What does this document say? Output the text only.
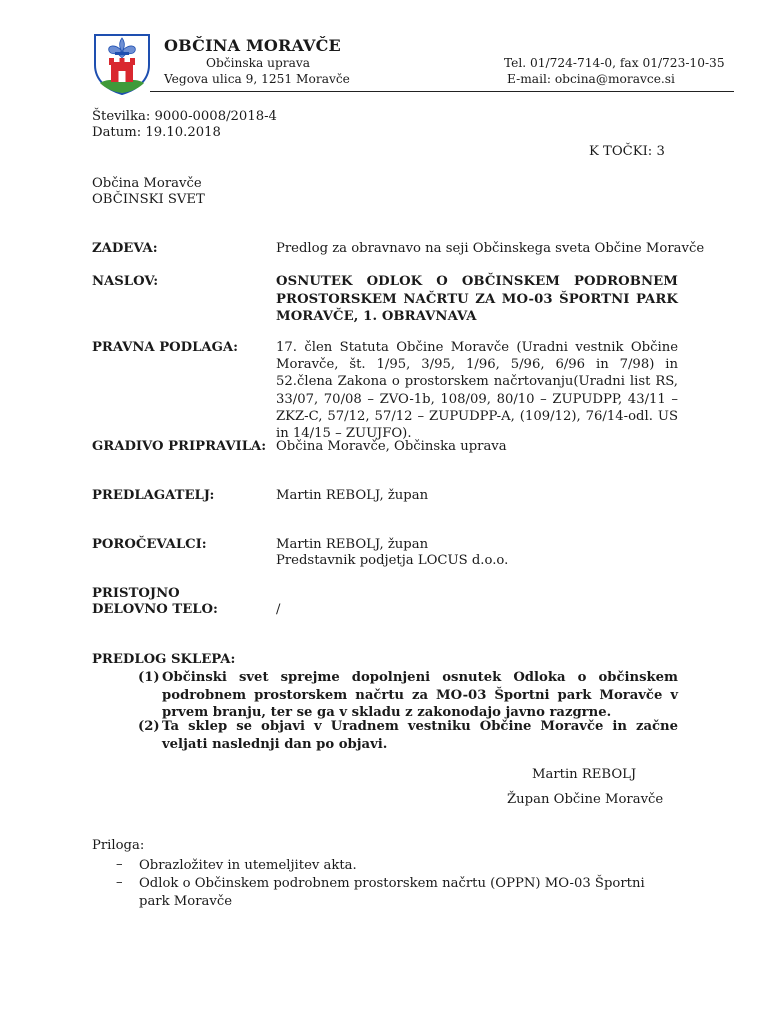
OBČINA MORAVČE
Občinska uprava
Vegova ulica 9, 1251 Moravče
Tel. 01/724-714-0, fax 01/723-10-35
E-mail: obcina@moravce.si
Številka: 9000-0008/2018-4
Datum: 19.10.2018
K TOČKI: 3
Občina Moravče
OBČINSKI SVET
ZADEVA:	Predlog za obravnavo na seji Občinskega sveta Občine Moravče
NASLOV:	OSNUTEK ODLOK O OBČINSKEM PODROBNEM
PROSTORSKEM NAČRTU ZA MO-03 ŠPORTNI PARK
MORAVČE, 1. OBRAVNAVA
PRAVNA PODLAGA:	17. člen Statuta Občine Moravče (Uradni vestnik Občine Moravče, št. 1/95, 3/95, 1/96, 5/96, 6/96 in 7/98) in 52.člena Zakona o prostorskem načrtovanju(Uradni list RS, 33/07, 70/08 – ZVO-1b, 108/09, 80/10 – ZUPUDPP, 43/11 – ZKZ-C, 57/12, 57/12 – ZUPUDPP-A, (109/12), 76/14-odl. US in 14/15 – ZUUJFO).
GRADIVO PRIPRAVILA: Občina Moravče, Občinska uprava
PREDLAGATELJ:	Martin REBOLJ, župan
POROČEVALCI:	Martin REBOLJ, župan
Predstavnik podjetja LOCUS d.o.o.
PRISTOJNO
DELOVNO TELO:	/
PREDLOG SKLEPA:
(1) Občinski svet sprejme dopolnjeni osnutek Odloka o občinskem podrobnem prostorskem načrtu za MO-03 Športni park Moravče v prvem branju, ter se ga v skladu z zakonodajo javno razgrne.
(2) Ta sklep se objavi v Uradnem vestniku Občine Moravče in začne veljati naslednji dan po objavi.
Martin REBOLJ
Župan Občine Moravče
Priloga:
– Obrazložitev in utemeljitev akta.
– Odlok o Občinskem podrobnem prostorskem načrtu (OPPN) MO-03 Športni park Moravče
